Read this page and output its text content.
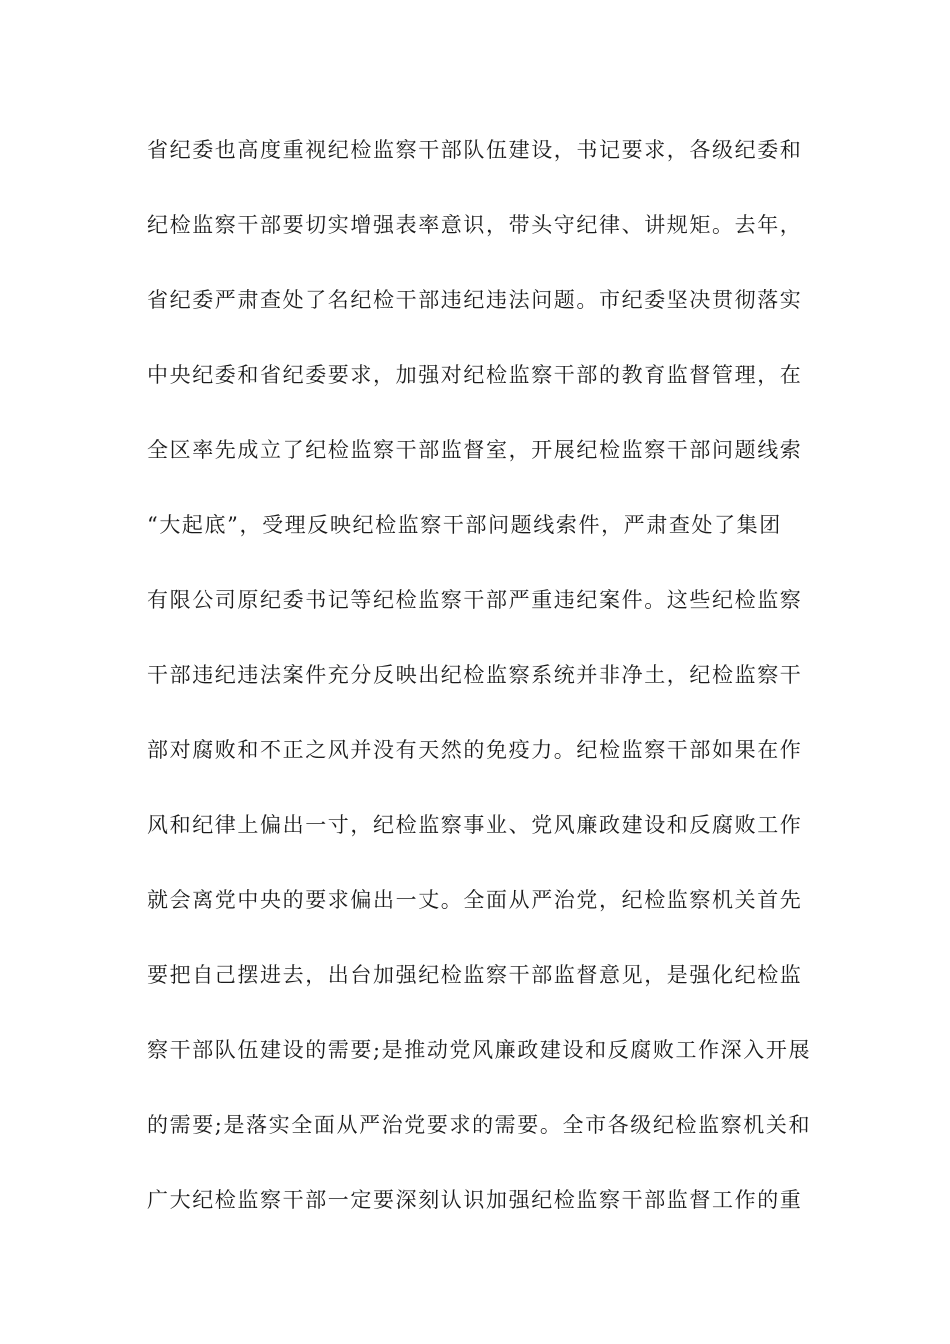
省纪委也高度重视纪检监察干部队伍建设，书记要求，各级纪委和
纪检监察干部要切实增强表率意识，带头守纪律、讲规矩。去年，
省纪委严肃查处了名纪检干部违纪违法问题。市纪委坚决贯彻落实
中央纪委和省纪委要求，加强对纪检监察干部的教育监督管理，在
全区率先成立了纪检监察干部监督室，开展纪检监察干部问题线索
“大起底”，受理反映纪检监察干部问题线索件，严肃查处了集团
有限公司原纪委书记等纪检监察干部严重违纪案件。这些纪检监察
干部违纪违法案件充分反映出纪检监察系统并非净土，纪检监察干
部对腐败和不正之风并没有天然的免疫力。纪检监察干部如果在作
风和纪律上偏出一寸，纪检监察事业、党风廉政建设和反腐败工作
就会离党中央的要求偏出一丈。全面从严治党，纪检监察机关首先
要把自己摆进去，出台加强纪检监察干部监督意见，是强化纪检监
察干部队伍建设的需要;是推动党风廉政建设和反腐败工作深入开展
的需要;是落实全面从严治党要求的需要。全市各级纪检监察机关和
广大纪检监察干部一定要深刻认识加强纪检监察干部监督工作的重
